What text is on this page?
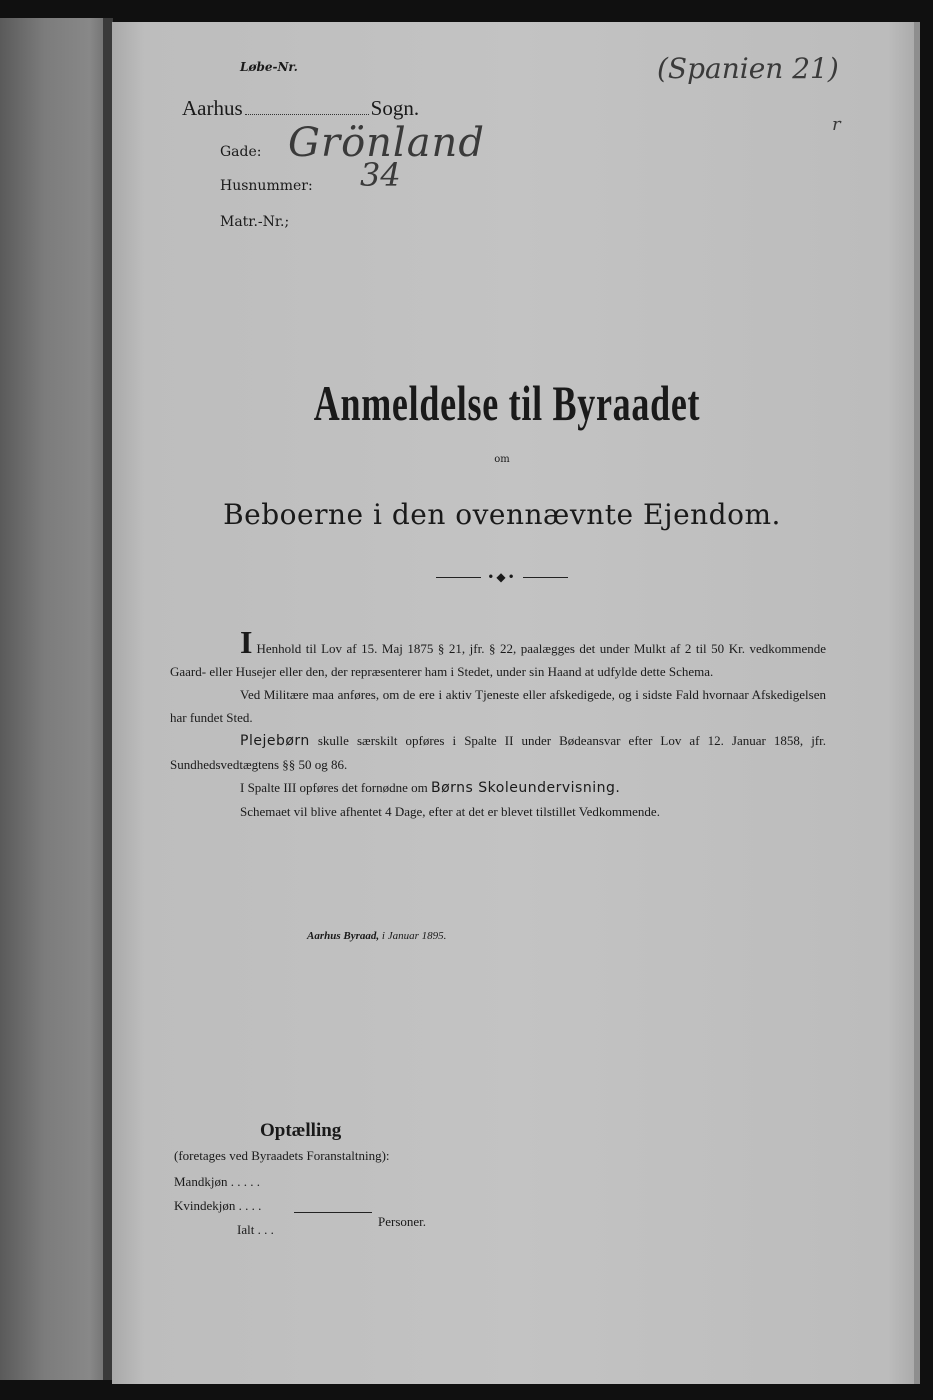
Løbe-Nr.	(Spanien 21)
r
Aarhus	Sogn.
Gade: Grönland
Husnummer: 34
Matr.-Nr.;
Anmeldelse til Byraadet
om
Beboerne i den ovennævnte Ejendom.
•◆•

I Henhold til Lov af 15. Maj 1875 § 21, jfr. § 22, paalægges det under Mulkt af 2 til 50 Kr. vedkommende Gaard- eller Husejer eller den, der repræsenterer ham i Stedet, under sin Haand at udfylde dette Schema.

Ved Militære maa anføres, om de ere i aktiv Tjeneste eller afskedigede, og i sidste Fald hvornaar Afskedigelsen har fundet Sted.

Plejebørn skulle særskilt opføres i Spalte II under Bødeansvar efter Lov af 12. Januar 1858, jfr. Sundhedsvedtægtens §§ 50 og 86.

I Spalte III opføres det fornødne om Børns Skoleundervisning.

Schemaet vil blive afhentet 4 Dage, efter at det er blevet tilstillet Vedkommende.

Aarhus Byraad, i Januar 1895.
Optælling
(foretages ved Byraadets Foranstaltning):
Mandkjøn . . . . .
Kvindekjøn . . . .
Ialt . . .
Personer.
